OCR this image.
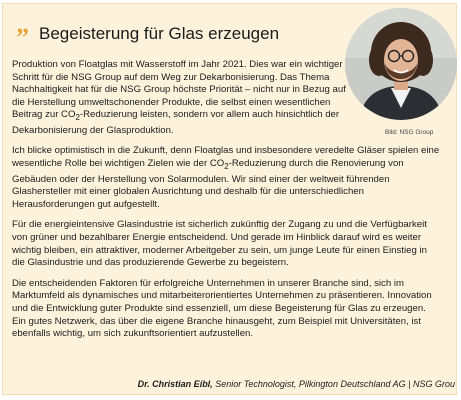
” Begeisterung für Glas erzeugen
Bild: NSG Group

Produktion von Floatglas mit Wasserstoff im Jahr 2021. Dies war ein wichtiger Schritt für die NSG Group auf dem Weg zur Dekarbonisierung. Das Thema Nachhaltigkeit hat für die NSG Group höchste Priorität – nicht nur in Bezug auf die Herstellung umweltschonender Produkte, die selbst einen wesentlichen Beitrag zur $CO_2$-Reduzierung leisten, sondern vor allem auch hinsichtlich der Dekarbonisierung der Glasproduktion.

Ich blicke optimistisch in die Zukunft, denn Floatglas und insbesondere veredelte Gläser spielen eine wesentliche Rolle bei wichtigen Zielen wie der $CO_2$-Reduzierung durch die Renovierung von Gebäuden oder der Herstellung von Solarmodulen. Wir sind einer der weltweit führenden Glashersteller mit einer globalen Ausrichtung und deshalb für die unterschiedlichen Herausforderungen gut aufgestellt.

Für die energieintensive Glasindustrie ist sicherlich zukünftig der Zugang zu und die Verfügbarkeit von grüner und bezahlbarer Energie entscheidend. Und gerade im Hinblick darauf wird es weiter wichtig bleiben, ein attraktiver, moderner Arbeitgeber zu sein, um junge Leute für einen Einstieg in die Glasindustrie und das produzierende Gewerbe zu begeistern.

Die entscheidenden Faktoren für erfolgreiche Unternehmen in unserer Branche sind, sich im Marktumfeld als dynamisches und mitarbeiterorientiertes Unternehmen zu präsentieren. Innovation und die Entwicklung guter Produkte sind essenziell, um diese Begeisterung für Glas zu erzeugen. Ein gutes Netzwerk, das über die eigene Branche hinausgeht, zum Beispiel mit Universitäten, ist ebenfalls wichtig, um sich zukunftsorientiert aufzustellen.

Dr. Christian Eibl, Senior Technologist, Pilkington Deutschland AG | NSG Grou
